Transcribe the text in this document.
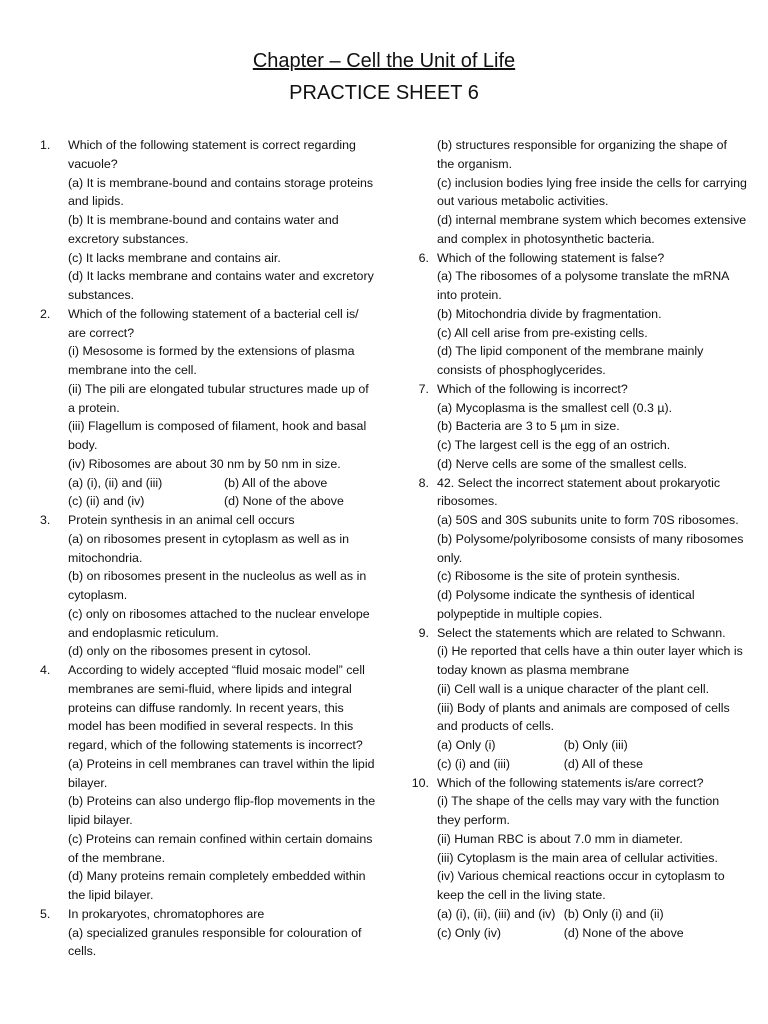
Chapter – Cell the Unit of Life
PRACTICE SHEET 6
1.	Which of the following statement is correct regarding
vacuole?
(a) It is membrane-bound and contains storage proteins
and lipids.
(b) It is membrane-bound and contains water and
excretory substances.
(c) It lacks membrane and contains air.
(d) It lacks membrane and contains water and excretory
substances.
2.	Which of the following statement of a bacterial cell is/
are correct?
(i) Mesosome is formed by the extensions of plasma
membrane into the cell.
(ii) The pili are elongated tubular structures made up of
a protein.
(iii) Flagellum is composed of filament, hook and basal
body.
(iv) Ribosomes are about 30 nm by 50 nm in size.
(a) (i), (ii) and (iii)	(b) All of the above
(c) (ii) and (iv)	(d) None of the above
3.	Protein synthesis in an animal cell occurs
(a) on ribosomes present in cytoplasm as well as in
mitochondria.
(b) on ribosomes present in the nucleolus as well as in
cytoplasm.
(c) only on ribosomes attached to the nuclear envelope
and endoplasmic reticulum.
(d) only on the ribosomes present in cytosol.
4.	According to widely accepted “fluid mosaic model” cell
membranes are semi-fluid, where lipids and integral
proteins can diffuse randomly. In recent years, this
model has been modified in several respects. In this
regard, which of the following statements is incorrect?
(a) Proteins in cell membranes can travel within the lipid
bilayer.
(b) Proteins can also undergo flip-flop movements in the
lipid bilayer.
(c) Proteins can remain confined within certain domains
of the membrane.
(d) Many proteins remain completely embedded within
the lipid bilayer.
5.	In prokaryotes, chromatophores are
(a) specialized granules responsible for colouration of
cells.
(b) structures responsible for organizing the shape of
the organism.
(c) inclusion bodies lying free inside the cells for carrying
out various metabolic activities.
(d) internal membrane system which becomes extensive
and complex in photosynthetic bacteria.
6. Which of the following statement is false?
(a) The ribosomes of a polysome translate the mRNA
into protein.
(b) Mitochondria divide by fragmentation.
(c) All cell arise from pre-existing cells.
(d) The lipid component of the membrane mainly
consists of phosphoglycerides.
7. Which of the following is incorrect?
(a) Mycoplasma is the smallest cell (0.3 µ).
(b) Bacteria are 3 to 5 µm in size.
(c) The largest cell is the egg of an ostrich.
(d) Nerve cells are some of the smallest cells.
8. 42. Select the incorrect statement about prokaryotic
ribosomes.
(a) 50S and 30S subunits unite to form 70S ribosomes.
(b) Polysome/polyribosome consists of many ribosomes
only.
(c) Ribosome is the site of protein synthesis.
(d) Polysome indicate the synthesis of identical
polypeptide in multiple copies.
9. Select the statements which are related to Schwann.
(i) He reported that cells have a thin outer layer which is
today known as plasma membrane
(ii) Cell wall is a unique character of the plant cell.
(iii) Body of plants and animals are composed of cells
and products of cells.
(a) Only (i)	(b) Only (iii)
(c) (i) and (iii)	(d) All of these
10. Which of the following statements is/are correct?
(i) The shape of the cells may vary with the function
they perform.
(ii) Human RBC is about 7.0 mm in diameter.
(iii) Cytoplasm is the main area of cellular activities.
(iv) Various chemical reactions occur in cytoplasm to
keep the cell in the living state.
(a) (i), (ii), (iii) and (iv) (b) Only (i) and (ii)
(c) Only (iv)	(d) None of the above
